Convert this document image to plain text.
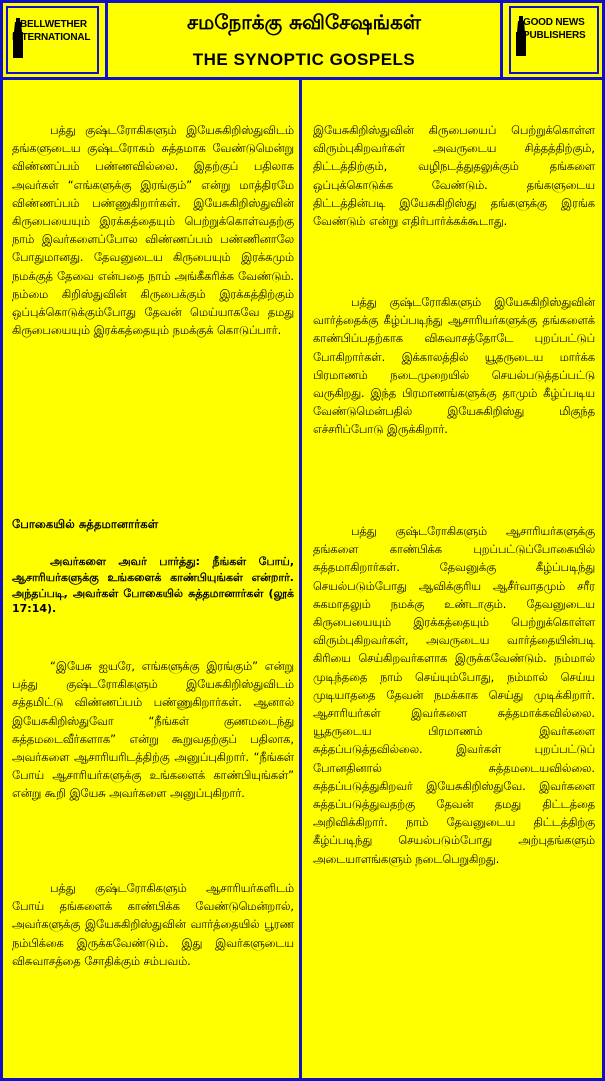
BELLWETHER
INTERNATIONAL
சமநோக்கு சுவிசேஷங்கள்
THE SYNOPTIC GOSPELS
GOOD NEWS
PUBLISHERS

பத்து குஷ்டரோகிகளும் இயேசுகிறிஸ்துவிடம் தங்களுடைய குஷ்டரோகம் சுத்தமாக வேண்டுமென்று விண்ணப்பம் பண்ணவில்லை. இதற்குப் பதிலாக அவர்கள் “எங்களுக்கு இரங்கும்” என்று மாத்திரமே விண்ணப்பம் பண்ணுகிறார்கள். இயேசுகிறிஸ்துவின் கிருபையையும் இரக்கத்தையும் பெற்றுக்கொள்வதற்கு நாம் இவர்களைப்போல விண்ணப்பம் பண்ணினாலே போதுமானது. தேவனுடைய கிருபையும் இரக்கமும் நமக்குத் தேவை என்பதை நாம் அங்கீகரிக்க வேண்டும். நம்மை கிறிஸ்துவின் கிருபைக்கும் இரக்கத்திற்கும் ஒப்புக்கொடுக்கும்போது தேவன் மெய்யாகவே தமது கிருபையையும் இரக்கத்தையும் நமக்குக் கொடுப்பார்.

போகையில் சுத்தமானார்கள்

அவர்களை அவர் பார்த்து: நீங்கள் போய், ஆசாரியர்களுக்கு உங்களைக் காண்பியுங்கள் என்றார். அந்தப்படி, அவர்கள் போகையில் சுத்தமானார்கள் (லூக் 17:14).

“இயேசு ஐயரே, எங்களுக்கு இரங்கும்” என்று பத்து குஷ்டரோகிகளும் இயேசுகிறிஸ்துவிடம் சத்தமிட்டு விண்ணப்பம் பண்ணுகிறார்கள். ஆனால் இயேசுகிறிஸ்துவோ “நீங்கள் குணமடைந்து சுத்தமடைவீர்களாக” என்று கூறுவதற்குப் பதிலாக, அவர்களை ஆசாரியரிடத்திற்கு அனுப்புகிறார். “நீங்கள் போய் ஆசாரியர்களுக்கு உங்களைக் காண்பியுங்கள்” என்று கூறி இயேசு அவர்களை அனுப்புகிறார்.

பத்து குஷ்டரோகிகளும் ஆசாரியர்களிடம் போய் தங்களைக் காண்பிக்க வேண்டுமென்றால், அவர்களுக்கு இயேசுகிறிஸ்துவின் வார்த்தையில் பூரண நம்பிக்கை இருக்கவேண்டும். இது இவர்களுடைய விசுவாசத்தை சோதிக்கும் சம்பவம்.

இயேசுகிறிஸ்துவின் கிருபையைப் பெற்றுக்கொள்ள விரும்புகிறவர்கள் அவருடைய சித்தத்திற்கும், திட்டத்திற்கும், வழிநடத்துதலுக்கும் தங்களை ஒப்புக்கொடுக்க வேண்டும். தங்களுடைய திட்டத்தின்படி இயேசுகிறிஸ்து தங்களுக்கு இரங்க வேண்டும் என்று எதிர்பார்க்கக்கூடாது.

பத்து குஷ்டரோகிகளும் இயேசுகிறிஸ்துவின் வார்த்தைக்கு கீழ்ப்படிந்து ஆசாரியர்களுக்கு தங்களைக் காண்பிப்பதற்காக விசுவாசத்தோடே புறப்பட்டுப் போகிறார்கள். இக்காலத்தில் யூதருடைய மார்க்க பிரமாணம் நடைமுறையில் செயல்படுத்தப்பட்டு வருகிறது. இந்த பிரமாணங்களுக்கு தாமும் கீழ்ப்படிய வேண்டுமென்பதில் இயேசுகிறிஸ்து மிகுந்த எச்சரிப்போடு இருக்கிறார்.

பத்து குஷ்டரோகிகளும் ஆசாரியர்களுக்கு தங்களை காண்பிக்க புறப்பட்டுப்போகையில் சுத்தமாகிறார்கள். தேவனுக்கு கீழ்ப்படிந்து செயல்படும்போது ஆவிக்குரிய ஆசீர்வாதமும் சரீர சுகமாதலும் நமக்கு உண்டாகும். தேவனுடைய கிருபையையும் இரக்கத்தையும் பெற்றுக்கொள்ள விரும்புகிறவர்கள், அவருடைய வார்த்தையின்படி கிரியை செய்கிறவர்களாக இருக்கவேண்டும். நம்மால் முடிந்ததை நாம் செய்யும்போது, நம்மால் செய்ய முடியாததை தேவன் நமக்காக செய்து முடிக்கிறார். ஆசாரியர்கள் இவர்களை சுத்தமாக்கவில்லை. யூதருடைய பிரமாணம் இவர்களை சுத்தப்படுத்தவில்லை. இவர்கள் புறப்பட்டுப் போனதினால் சுத்தமடையவில்லை. சுத்தப்படுத்துகிறவர் இயேசுகிறிஸ்துவே. இவர்களை சுத்தப்படுத்துவதற்கு தேவன் தமது திட்டத்தை அறிவிக்கிறார். நாம் தேவனுடைய திட்டத்திற்கு கீழ்ப்படிந்து செயல்படும்போது அற்புதங்களும் அடையாளங்களும் நடைபெறுகிறது.
